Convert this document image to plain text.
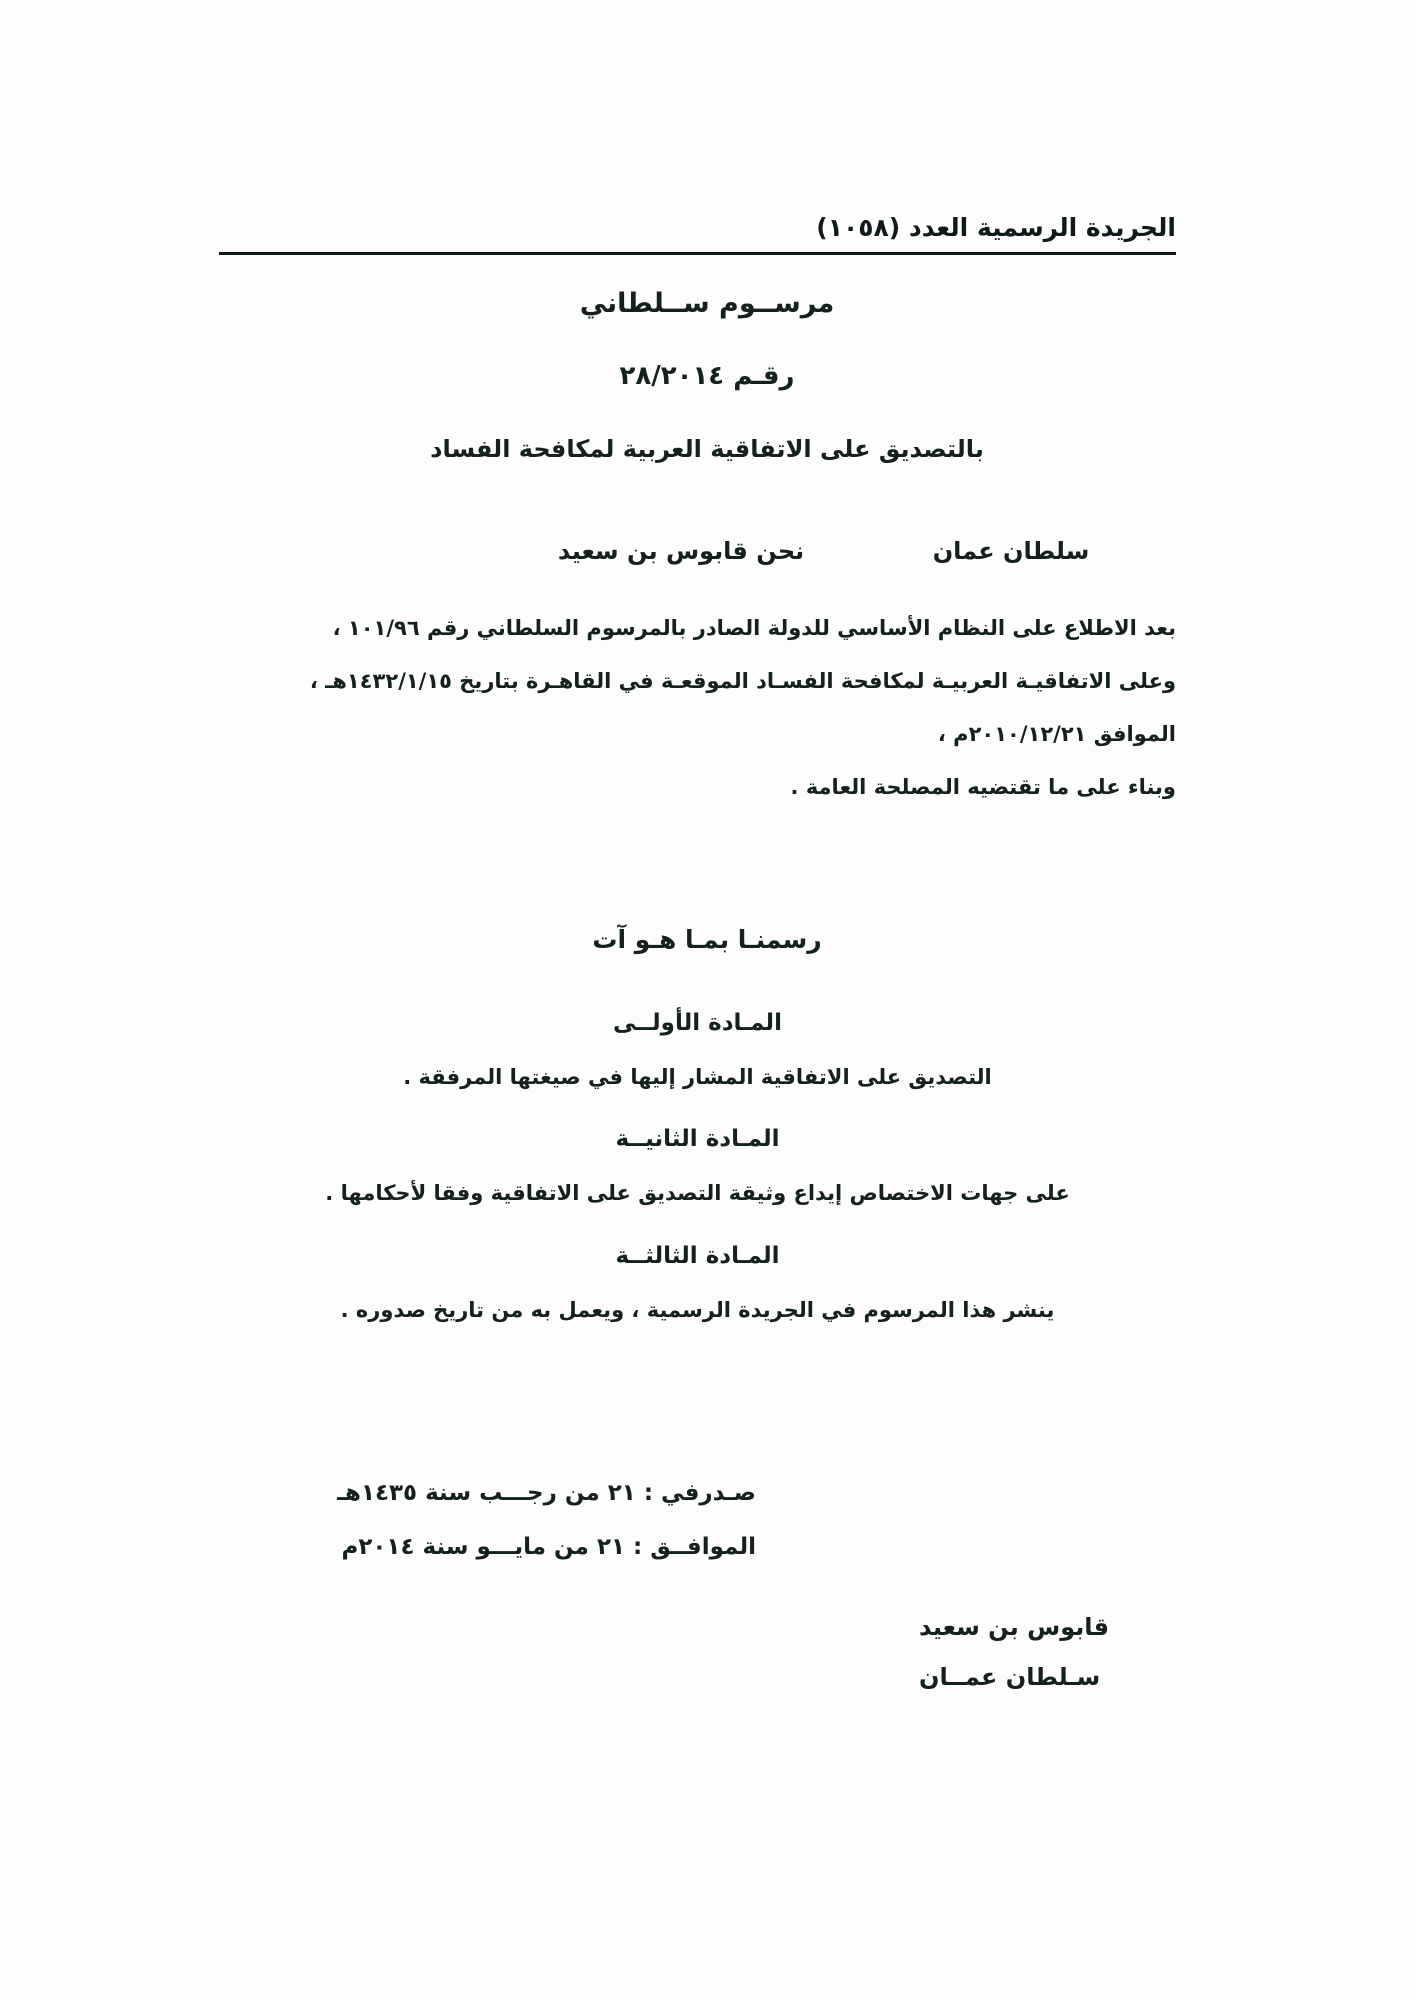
الجريدة الرسمية العدد (١٠٥٨)
مرســوم ســلطاني
رقـم ٢٨/٢٠١٤
بالتصديق على الاتفاقية العربية لمكافحة الفساد
سلطان عمان
نحن قابوس بن سعيد

بعد الاطلاع على النظام الأساسي للدولة الصادر بالمرسوم السلطاني رقم ١٠١/٩٦ ،

وعلى الاتفاقيـة العربيـة لمكافحة الفسـاد الموقعـة في القاهـرة بتاريخ ١٤٣٢/١/١٥هـ ،

الموافق ٢٠١٠/١٢/٢١م ،

وبناء على ما تقتضيه المصلحة العامة .

رسمنـا بمـا هـو آت
المـادة الأولــى
التصديق على الاتفاقية المشار إليها في صيغتها المرفقة .
المـادة الثانيــة
على جهات الاختصاص إيداع وثيقة التصديق على الاتفاقية وفقا لأحكامها .
المـادة الثالثــة
ينشر هذا المرسوم في الجريدة الرسمية ، ويعمل به من تاريخ صدوره .
صـدرفي : ٢١ من رجـــب سنة ١٤٣٥هـ
الموافــق : ٢١ من مايـــو سنة ٢٠١٤م
قابوس بن سعيد
سـلطان عمــان
